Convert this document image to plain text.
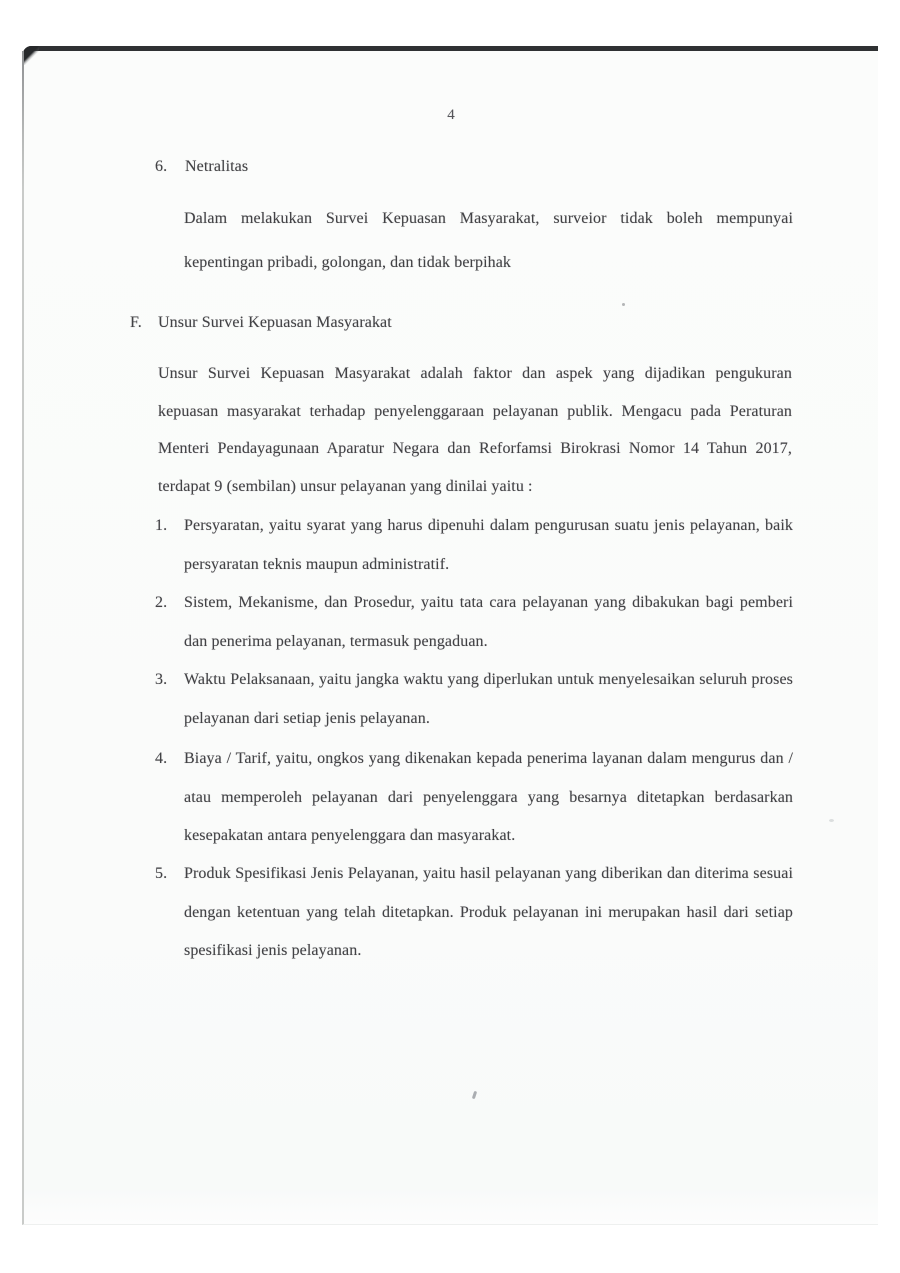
4
6.	Netralitas
Dalam melakukan Survei Kepuasan Masyarakat, surveior tidak boleh mempunyai kepentingan pribadi, golongan, dan tidak berpihak
F.	Unsur Survei Kepuasan Masyarakat
Unsur Survei Kepuasan Masyarakat adalah faktor dan aspek yang dijadikan pengukuran kepuasan masyarakat terhadap penyelenggaraan pelayanan publik. Mengacu pada Peraturan Menteri Pendayagunaan Aparatur Negara dan Reforfamsi Birokrasi Nomor 14 Tahun 2017, terdapat 9 (sembilan) unsur pelayanan yang dinilai yaitu :
1.	Persyaratan, yaitu syarat yang harus dipenuhi dalam pengurusan suatu jenis pelayanan, baik persyaratan teknis maupun administratif.
2.	Sistem, Mekanisme, dan Prosedur, yaitu tata cara pelayanan yang dibakukan bagi pemberi dan penerima pelayanan, termasuk pengaduan.
3.	Waktu Pelaksanaan, yaitu jangka waktu yang diperlukan untuk menyelesaikan seluruh proses pelayanan dari setiap jenis pelayanan.
4.	Biaya / Tarif, yaitu, ongkos yang dikenakan kepada penerima layanan dalam mengurus dan / atau memperoleh pelayanan dari penyelenggara yang besarnya ditetapkan berdasarkan kesepakatan antara penyelenggara dan masyarakat.
5.	Produk Spesifikasi Jenis Pelayanan, yaitu hasil pelayanan yang diberikan dan diterima sesuai dengan ketentuan yang telah ditetapkan. Produk pelayanan ini merupakan hasil dari setiap spesifikasi jenis pelayanan.
